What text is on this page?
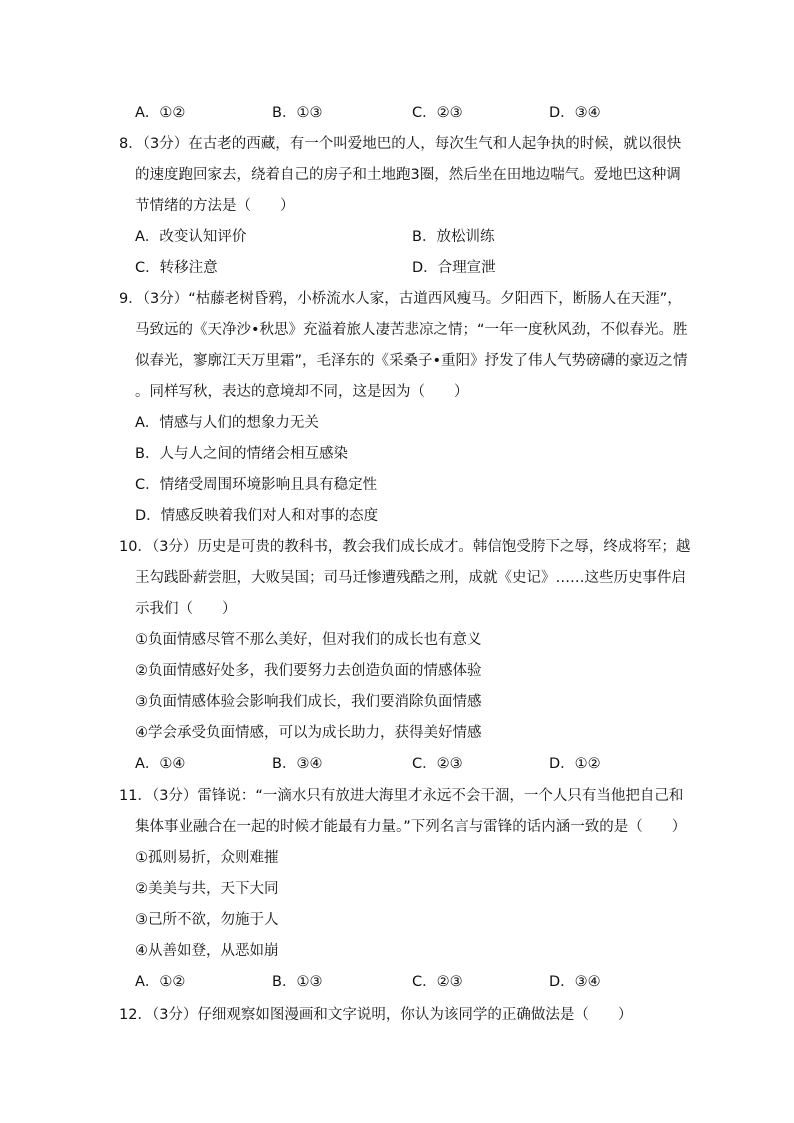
A．①②	B．①③	C．②③	D．③④
8．（3分）在古老的西藏，有一个叫爱地巴的人，每次生气和人起争执的时候，就以很快
的速度跑回家去，绕着自己的房子和土地跑3圈，然后坐在田地边喘气。爱地巴这种调
节情绪的方法是（　　）
A．改变认知评价	B．放松训练
C．转移注意	D．合理宣泄
9．（3分）“枯藤老树昏鸦，小桥流水人家，古道西风瘦马。夕阳西下，断肠人在天涯”，
马致远的《天净沙•秋思》充溢着旅人凄苦悲凉之情；“一年一度秋风劲，不似春光。胜
似春光，寥廓江天万里霜”，毛泽东的《采桑子•重阳》抒发了伟人气势磅礴的豪迈之情
。同样写秋，表达的意境却不同，这是因为（　　）
A．情感与人们的想象力无关
B．人与人之间的情绪会相互感染
C．情绪受周围环境影响且具有稳定性
D．情感反映着我们对人和对事的态度
10．（3分）历史是可贵的教科书，教会我们成长成才。韩信饱受胯下之辱，终成将军；越
王勾践卧薪尝胆，大败吴国；司马迁惨遭残酷之刑，成就《史记》……这些历史事件启
示我们（　　）
①负面情感尽管不那么美好，但对我们的成长也有意义
②负面情感好处多，我们要努力去创造负面的情感体验
③负面情感体验会影响我们成长，我们要消除负面情感
④学会承受负面情感，可以为成长助力，获得美好情感
A．①④	B．③④	C．②③	D．①②
11．（3分）雷锋说：“一滴水只有放进大海里才永远不会干涸，一个人只有当他把自己和
集体事业融合在一起的时候才能最有力量。”下列名言与雷锋的话内涵一致的是（　　）
①孤则易折，众则难摧
②美美与共，天下大同
③己所不欲，勿施于人
④从善如登，从恶如崩
A．①②	B．①③	C．②③	D．③④
12．（3分）仔细观察如图漫画和文字说明，你认为该同学的正确做法是（　　）
